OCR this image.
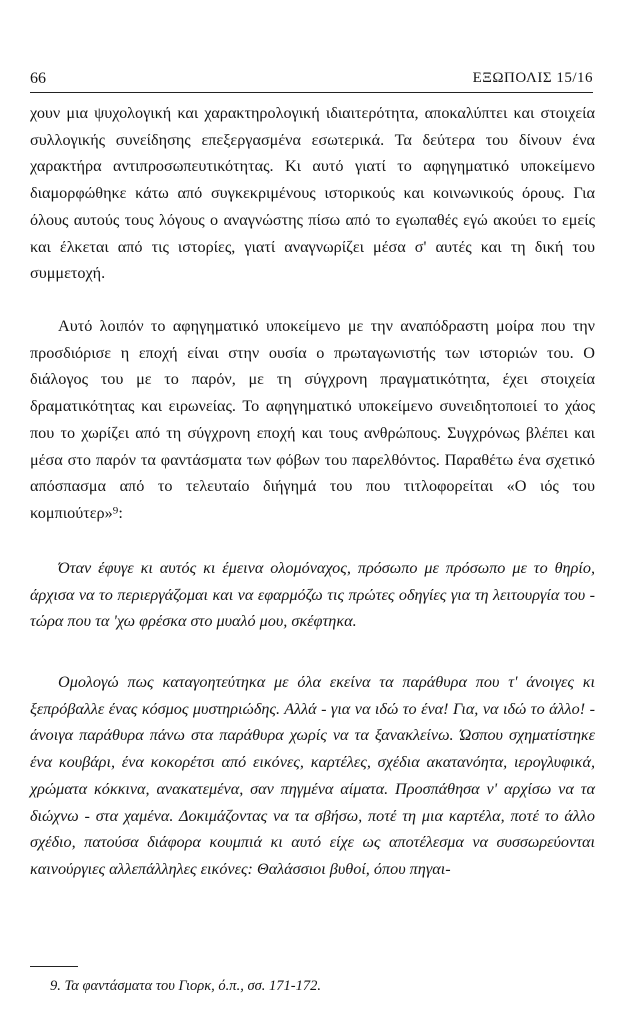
66	ΕΞΩΠΟΛΙΣ 15/16

χουν μια ψυχολογική και χαρακτηρολογική ιδιαιτερότητα, αποκαλύπτει και στοιχεία συλλογικής συνείδησης επεξεργασμένα εσωτερικά. Τα δεύτερα του δίνουν ένα χαρακτήρα αντιπροσωπευτικότητας. Κι αυτό γιατί το αφηγηματικό υποκείμενο διαμορφώθηκε κάτω από συγκεκριμένους ιστορικούς και κοινωνικούς όρους. Για όλους αυτούς τους λόγους ο αναγνώστης πίσω από το εγωπαθές εγώ ακούει το εμείς και έλκεται από τις ιστορίες, γιατί αναγνωρίζει μέσα σ' αυτές και τη δική του συμμετοχή.

Αυτό λοιπόν το αφηγηματικό υποκείμενο με την αναπόδραστη μοίρα που την προσδιόρισε η εποχή είναι στην ουσία ο πρωταγωνιστής των ιστοριών του. Ο διάλογος του με το παρόν, με τη σύγχρονη πραγματικότητα, έχει στοιχεία δραματικότητας και ειρωνείας. Το αφηγηματικό υποκείμενο συνειδητοποιεί το χάος που το χωρίζει από τη σύγχρονη εποχή και τους ανθρώπους. Συγχρόνως βλέπει και μέσα στο παρόν τα φαντάσματα των φόβων του παρελθόντος. Παραθέτω ένα σχετικό απόσπασμα από το τελευταίο διήγημά του που τιτλοφορείται «Ο ιός του κομπιούτερ»⁹:

Όταν έφυγε κι αυτός κι έμεινα ολομόναχος, πρόσωπο με πρόσωπο με το θηρίο, άρχισα να το περιεργάζομαι και να εφαρμόζω τις πρώτες οδηγίες για τη λειτουργία του - τώρα που τα 'χω φρέσκα στο μυαλό μου, σκέφτηκα.

Ομολογώ πως καταγοητεύτηκα με όλα εκείνα τα παράθυρα που τ' άνοιγες κι ξεπρόβαλλε ένας κόσμος μυστηριώδης. Αλλά - για να ιδώ το ένα! Για, να ιδώ το άλλο! - άνοιγα παράθυρα πάνω στα παράθυρα χωρίς να τα ξανακλείνω. Ώσπου σχηματίστηκε ένα κουβάρι, ένα κοκορέτσι από εικόνες, καρτέλες, σχέδια ακατανόητα, ιερογλυφικά, χρώματα κόκκινα, ανακατεμένα, σαν πηγμένα αίματα. Προσπάθησα ν' αρχίσω να τα διώχνω - στα χαμένα. Δοκιμάζοντας να τα σβήσω, ποτέ τη μια καρτέλα, ποτέ το άλλο σχέδιο, πατούσα διάφορα κουμπιά κι αυτό είχε ως αποτέλεσμα να συσσωρεύονται καινούργιες αλλεπάλληλες εικόνες: Θαλάσσιοι βυθοί, όπου πηγαι-

9. Τα φαντάσματα του Γιορκ, ό.π., σσ. 171-172.
